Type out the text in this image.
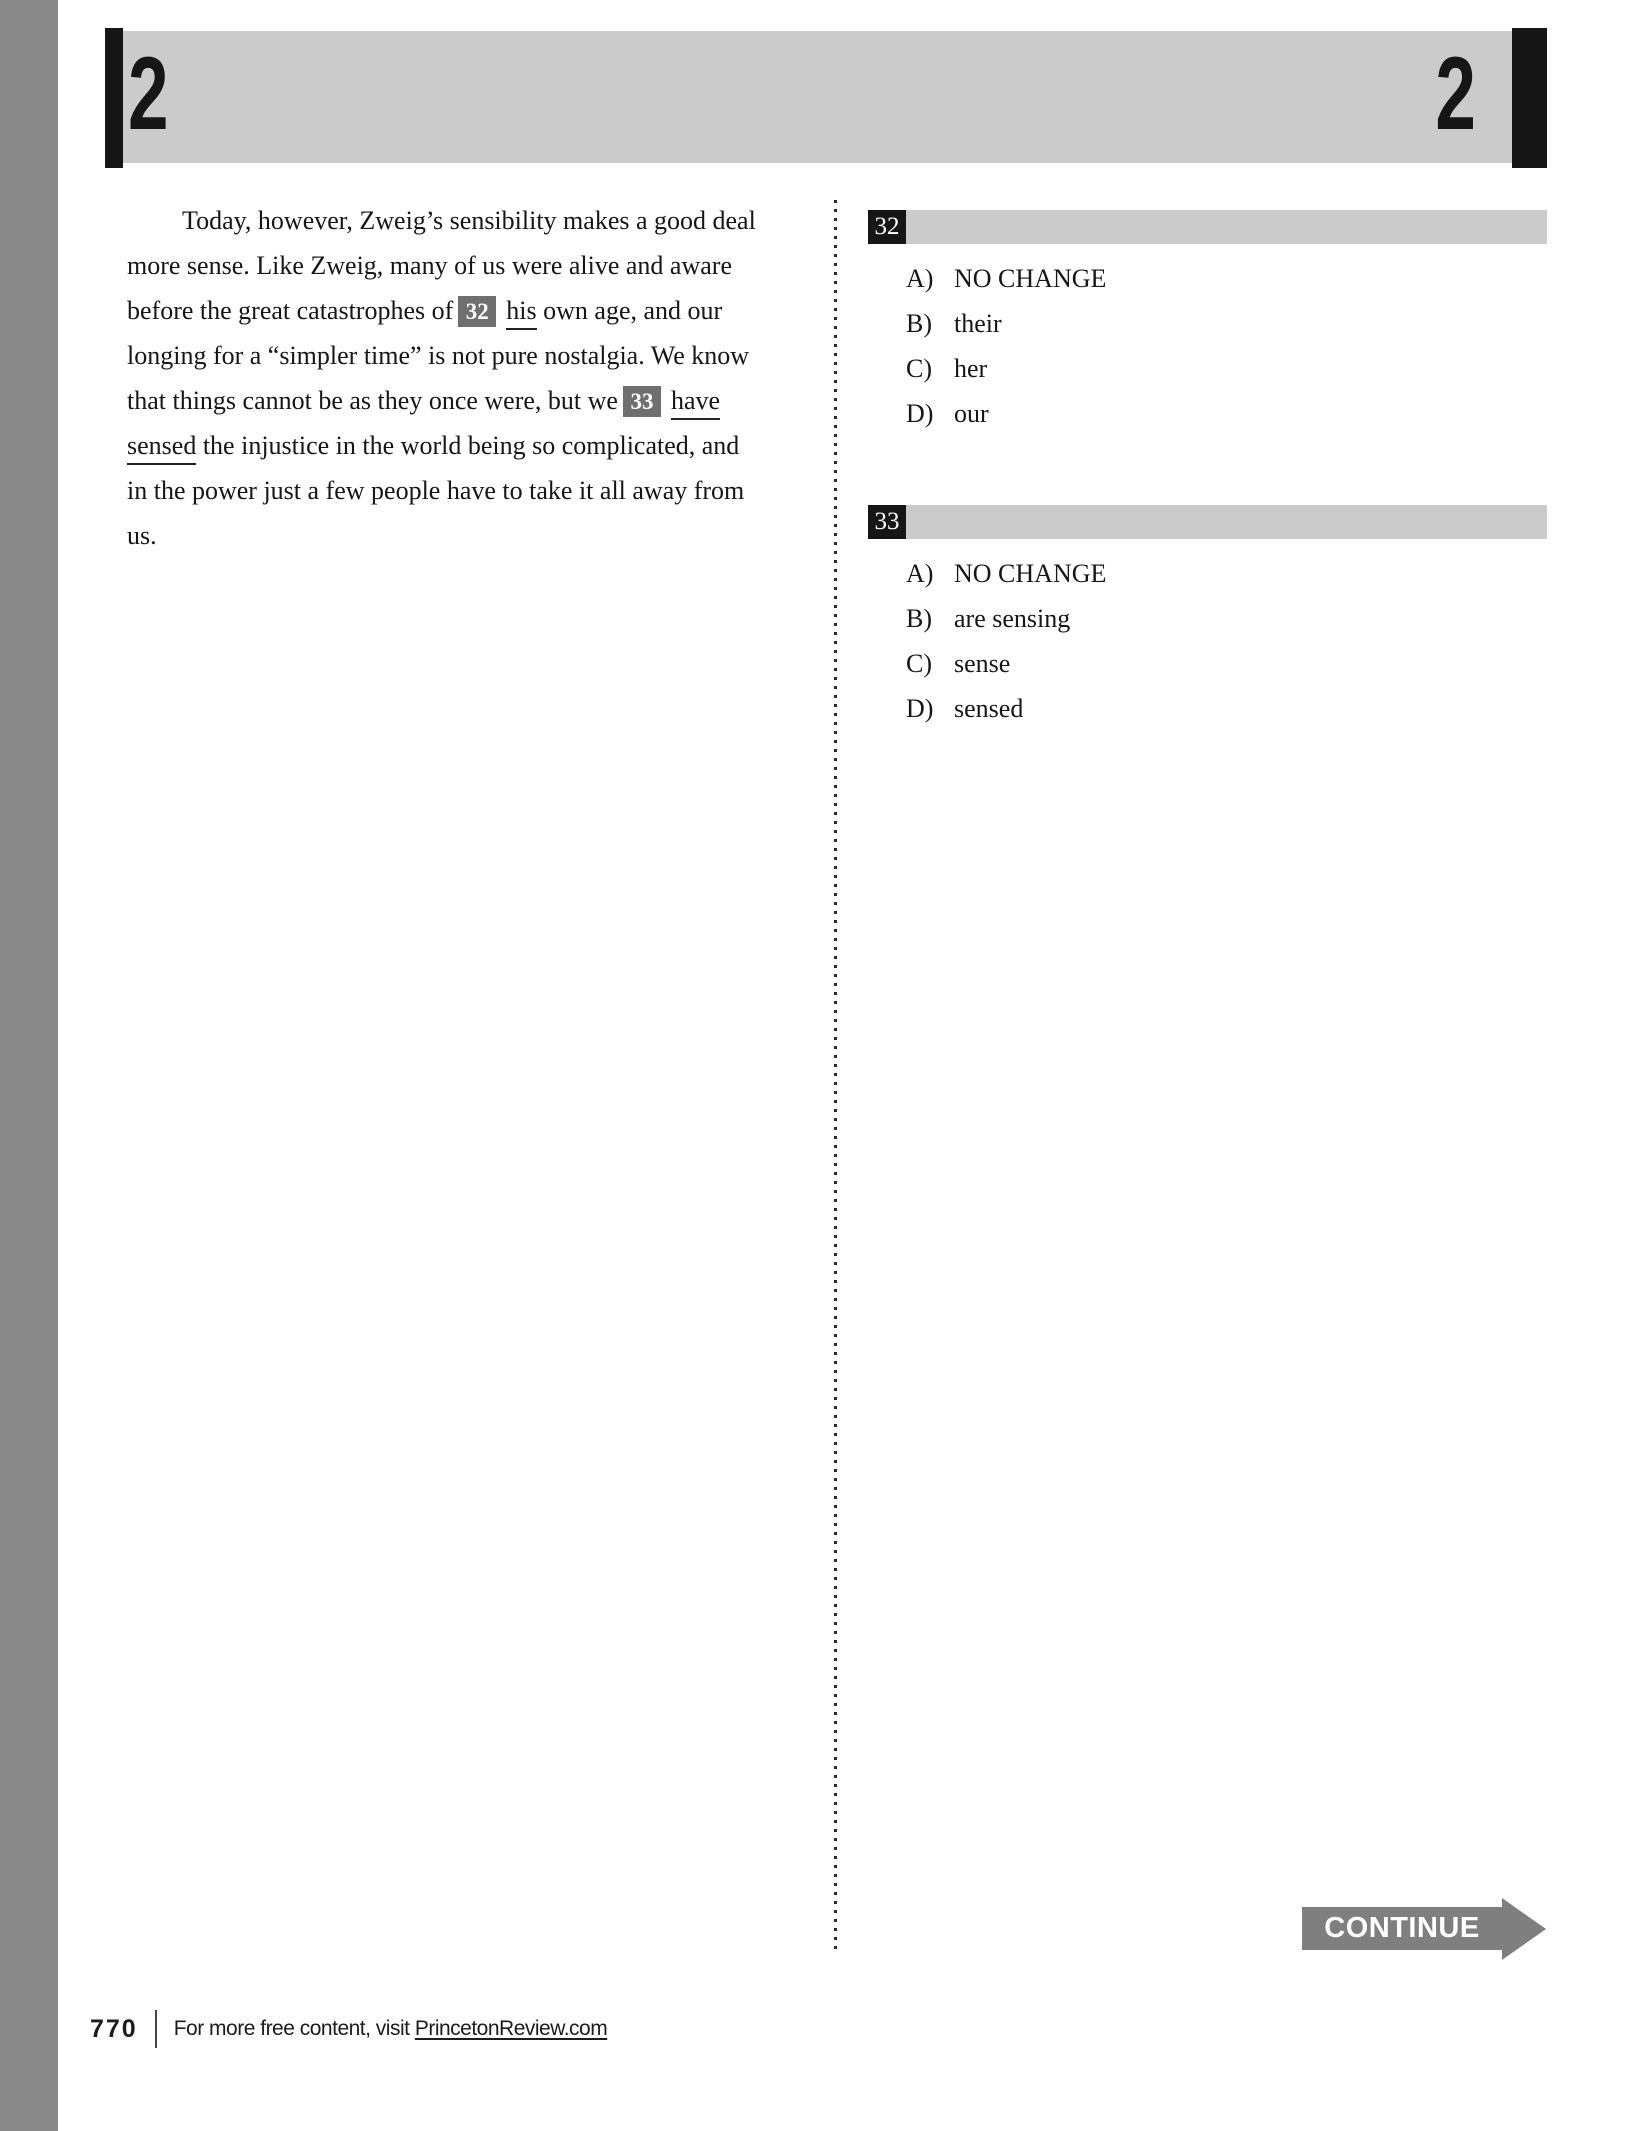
2	2
Today, however, Zweig’s sensibility makes a good deal
more sense. Like Zweig, many of us were alive and aware
before the great catastrophes of 32 his own age, and our
longing for a “simpler time” is not pure nostalgia. We know
that things cannot be as they once were, but we 33 have
sensed the injustice in the world being so complicated, and
in the power just a few people have to take it all away from
us.
32
A) NO CHANGE
B) their
C) her
D) our
33
A) NO CHANGE
B) are sensing
C) sense
D) sensed
CONTINUE
770 For more free content, visit PrincetonReview.com
